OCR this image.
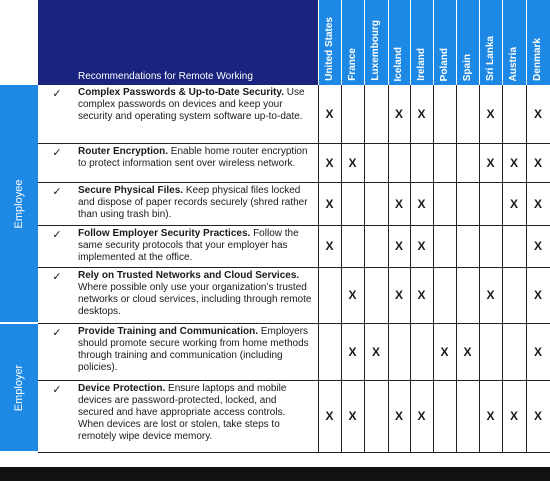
	Recommendations for Remote Working		United States	France	Luxembourg	Iceland	Ireland	Poland	Spain	Sri Lanka	Austria	Denmark

Employee	✓	Complex Passwords & Up-to-Date Security. Use complex passwords on devices and keep your security and operating system software up-to-date.	X			X	X			X		X
	✓	Router Encryption. Enable home router encryption to protect information sent over wireless network.	X	X						X	X	X
	✓	Secure Physical Files. Keep physical files locked and dispose of paper records securely (shred rather than using trash bin).	X			X	X				X	X
	✓	Follow Employer Security Practices. Follow the same security protocols that your employer has implemented at the office.	X			X	X					X
	✓	Rely on Trusted Networks and Cloud Services. Where possible only use your organization’s trusted networks or cloud services, including through remote desktops.		X		X	X			X		X

Employer	✓	Provide Training and Communication. Employers should promote secure working from home methods through training and communication (including policies).		X	X			X	X			X
	✓	Device Protection. Ensure laptops and mobile devices are password-protected, locked, and secured and have appropriate access controls. When devices are lost or stolen, take steps to remotely wipe device memory.	X	X		X	X			X	X	X
